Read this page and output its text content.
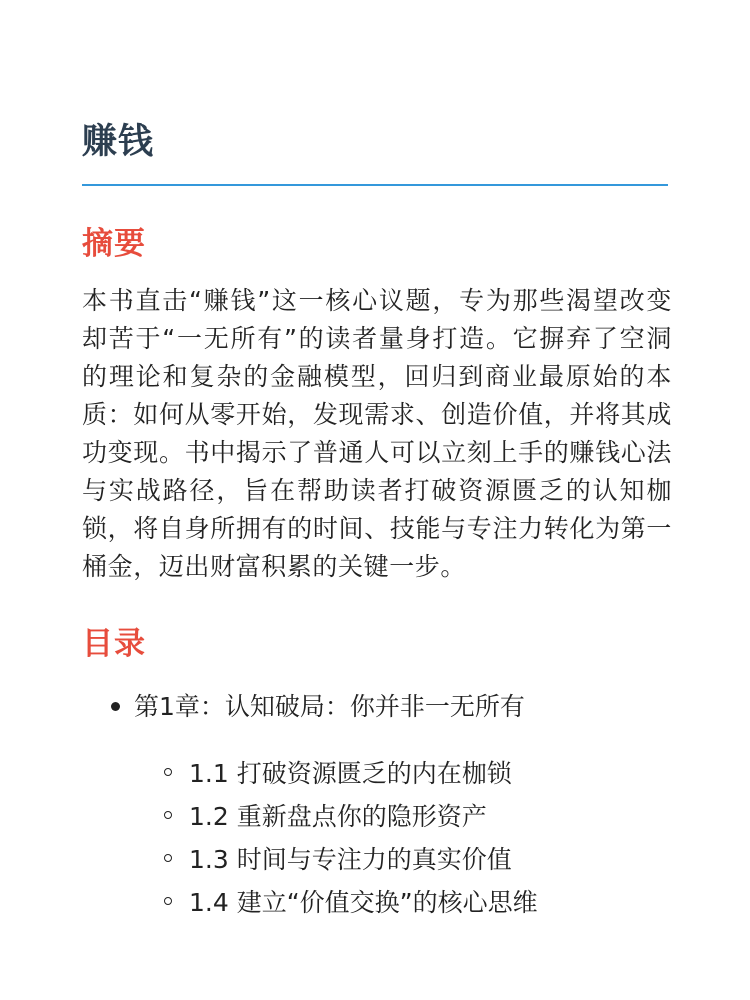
赚钱
摘要

本书直击“赚钱”这一核心议题，专为那些渴望改变却苦于“一无所有”的读者量身打造。它摒弃了空洞的理论和复杂的金融模型，回归到商业最原始的本质：如何从零开始，发现需求、创造价值，并将其成功变现。书中揭示了普通人可以立刻上手的赚钱心法与实战路径，旨在帮助读者打破资源匮乏的认知枷锁，将自身所拥有的时间、技能与专注力转化为第一桶金，迈出财富积累的关键一步。

目录
第1章：认知破局：你并非一无所有
1.1 打破资源匮乏的内在枷锁
1.2 重新盘点你的隐形资产
1.3 时间与专注力的真实价值
1.4 建立“价值交换”的核心思维
